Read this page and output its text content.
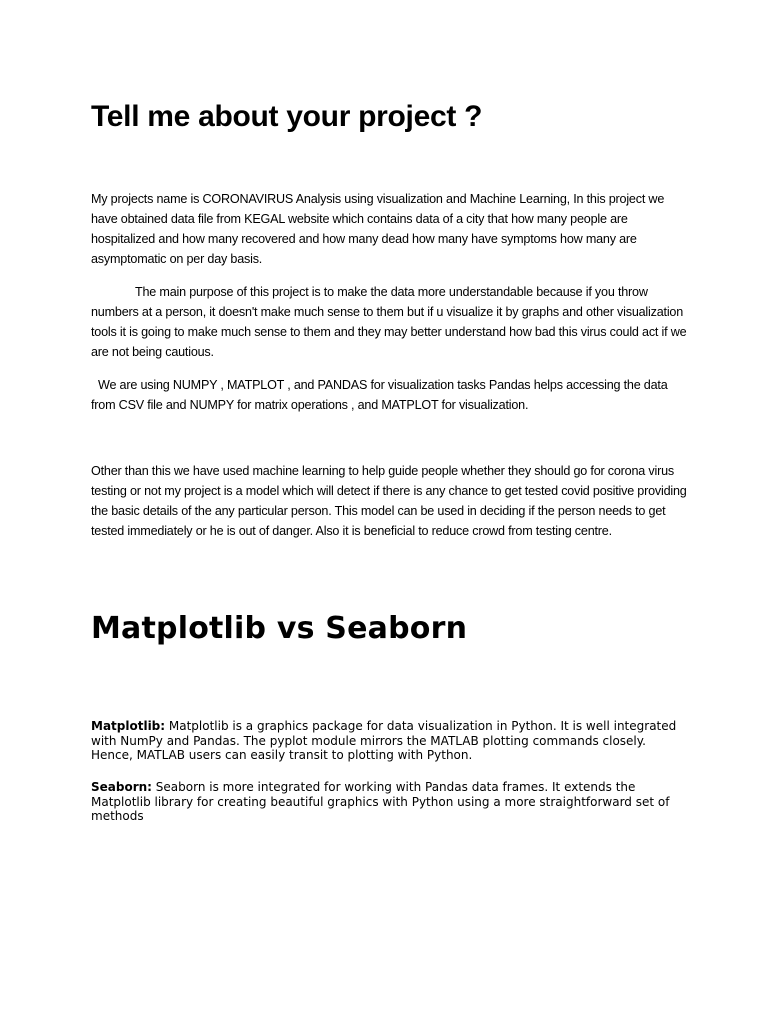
Tell me about your project ?

My projects name is CORONAVIRUS Analysis using visualization and Machine Learning, In this project we have obtained data file from KEGAL website which contains data of a city that how many people are hospitalized and how many recovered and how many dead how many have symptoms how many are asymptomatic on per day basis.

The main purpose of this project is to make the data more understandable because if you throw numbers at a person, it doesn't make much sense to them but if u visualize it by graphs and other visualization tools it is going to make much sense to them and they may better understand how bad this virus could act if we are not being cautious.

We are using NUMPY , MATPLOT , and PANDAS for visualization tasks Pandas helps accessing the data from CSV file and NUMPY for matrix operations , and MATPLOT for visualization.

Other than this we have used machine learning to help guide people whether they should go for corona virus testing or not my project is a model which will detect if there is any chance to get tested covid positive providing the basic details of the any particular person. This model can be used in deciding if the person needs to get tested immediately or he is out of danger. Also it is beneficial to reduce crowd from testing centre.

Matplotlib vs Seaborn

Matplotlib: Matplotlib is a graphics package for data visualization in Python. It is well integrated with NumPy and Pandas. The pyplot module mirrors the MATLAB plotting commands closely. Hence, MATLAB users can easily transit to plotting with Python.

Seaborn: Seaborn is more integrated for working with Pandas data frames. It extends the Matplotlib library for creating beautiful graphics with Python using a more straightforward set of methods
